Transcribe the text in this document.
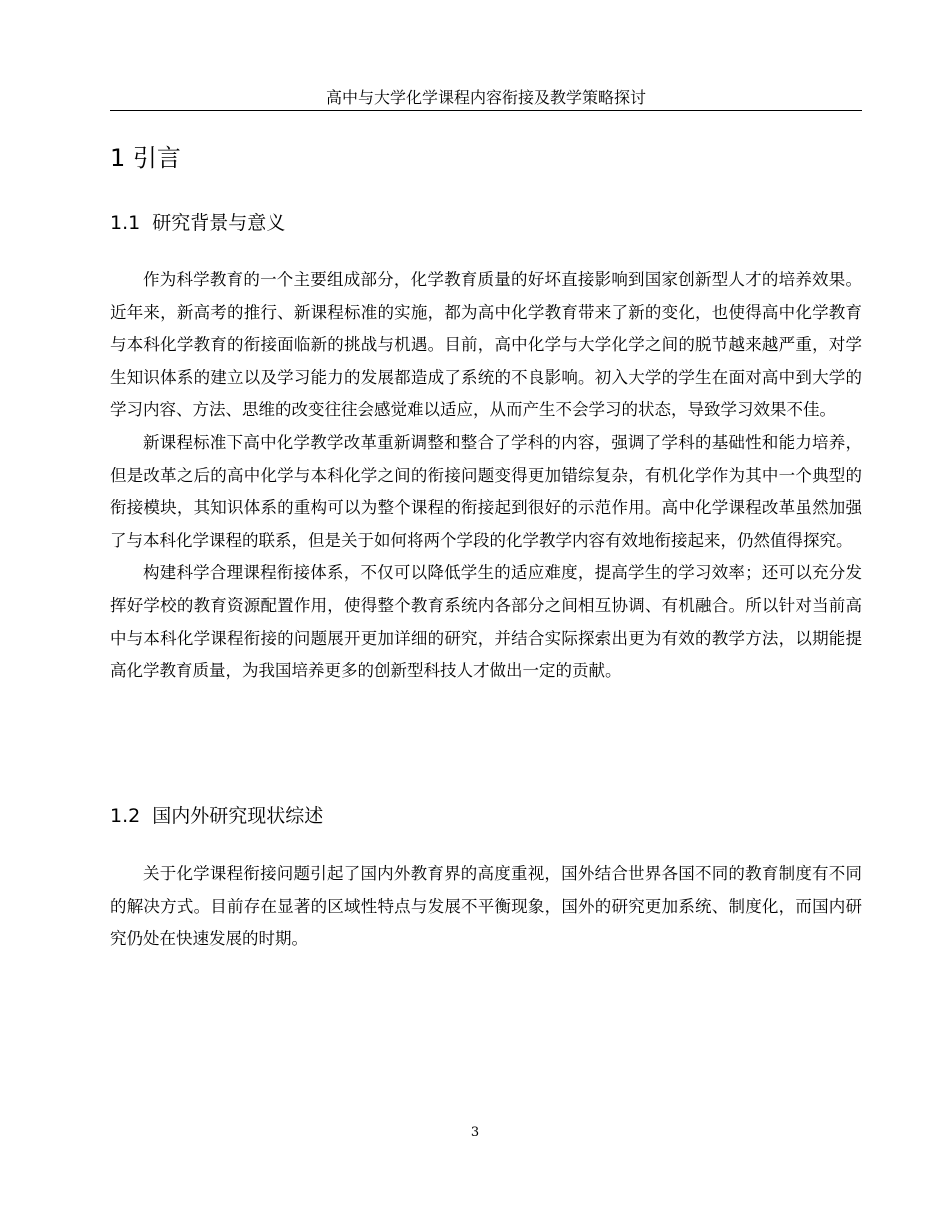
高中与大学化学课程内容衔接及教学策略探讨
1 引言
1.1 研究背景与意义

作为科学教育的一个主要组成部分，化学教育质量的好坏直接影响到国家创新型人才的培养效果。近年来，新高考的推行、新课程标准的实施，都为高中化学教育带来了新的变化，也使得高中化学教育与本科化学教育的衔接面临新的挑战与机遇。目前，高中化学与大学化学之间的脱节越来越严重，对学生知识体系的建立以及学习能力的发展都造成了系统的不良影响。初入大学的学生在面对高中到大学的学习内容、方法、思维的改变往往会感觉难以适应，从而产生不会学习的状态，导致学习效果不佳。

新课程标准下高中化学教学改革重新调整和整合了学科的内容，强调了学科的基础性和能力培养，但是改革之后的高中化学与本科化学之间的衔接问题变得更加错综复杂，有机化学作为其中一个典型的衔接模块，其知识体系的重构可以为整个课程的衔接起到很好的示范作用。高中化学课程改革虽然加强了与本科化学课程的联系，但是关于如何将两个学段的化学教学内容有效地衔接起来，仍然值得探究。

构建科学合理课程衔接体系，不仅可以降低学生的适应难度，提高学生的学习效率；还可以充分发挥好学校的教育资源配置作用，使得整个教育系统内各部分之间相互协调、有机融合。所以针对当前高中与本科化学课程衔接的问题展开更加详细的研究，并结合实际探索出更为有效的教学方法，以期能提高化学教育质量，为我国培养更多的创新型科技人才做出一定的贡献。

1.2 国内外研究现状综述

关于化学课程衔接问题引起了国内外教育界的高度重视，国外结合世界各国不同的教育制度有不同的解决方式。目前存在显著的区域性特点与发展不平衡现象，国外的研究更加系统、制度化，而国内研究仍处在快速发展的时期。

3
